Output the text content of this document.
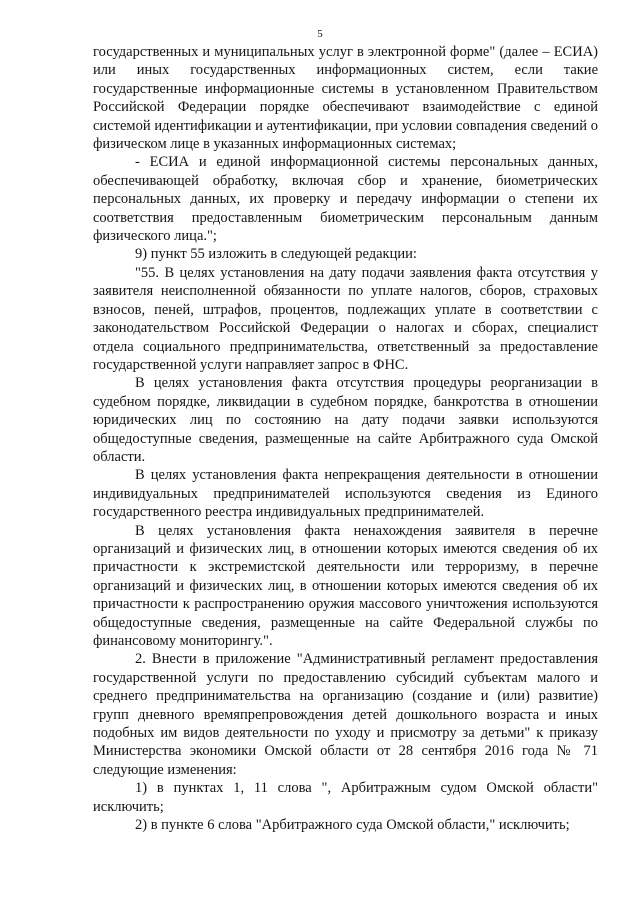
5

государственных и муниципальных услуг в электронной форме" (далее – ЕСИА) или иных государственных информационных систем, если такие государственные информационные системы в установленном Правительством Российской Федерации порядке обеспечивают взаимодействие с единой системой идентификации и аутентификации, при условии совпадения сведений о физическом лице в указанных информационных системах;

- ЕСИА и единой информационной системы персональных данных, обеспечивающей обработку, включая сбор и хранение, биометрических персональных данных, их проверку и передачу информации о степени их соответствия предоставленным биометрическим персональным данным физического лица.";

9) пункт 55 изложить в следующей редакции:

"55. В целях установления на дату подачи заявления факта отсутствия у заявителя неисполненной обязанности по уплате налогов, сборов, страховых взносов, пеней, штрафов, процентов, подлежащих уплате в соответствии с законодательством Российской Федерации о налогах и сборах, специалист отдела социального предпринимательства, ответственный за предоставление государственной услуги направляет запрос в ФНС.

В целях установления факта отсутствия процедуры реорганизации в судебном порядке, ликвидации в судебном порядке, банкротства в отношении юридических лиц по состоянию на дату подачи заявки используются общедоступные сведения, размещенные на сайте Арбитражного суда Омской области.

В целях установления факта непрекращения деятельности в отношении индивидуальных предпринимателей используются сведения из Единого государственного реестра индивидуальных предпринимателей.

В целях установления факта ненахождения заявителя в перечне организаций и физических лиц, в отношении которых имеются сведения об их причастности к экстремистской деятельности или терроризму, в перечне организаций и физических лиц, в отношении которых имеются сведения об их причастности к распространению оружия массового уничтожения используются общедоступные сведения, размещенные на сайте Федеральной службы по финансовому мониторингу.".

2. Внести в приложение "Административный регламент предоставления государственной услуги по предоставлению субсидий субъектам малого и среднего предпринимательства на организацию (создание и (или) развитие) групп дневного времяпрепровождения детей дошкольного возраста и иных подобных им видов деятельности по уходу и присмотру за детьми" к приказу Министерства экономики Омской области от 28 сентября 2016 года № 71 следующие изменения:

1) в пунктах 1, 11 слова ", Арбитражным судом Омской области" исключить;

2) в пункте 6 слова "Арбитражного суда Омской области," исключить;
